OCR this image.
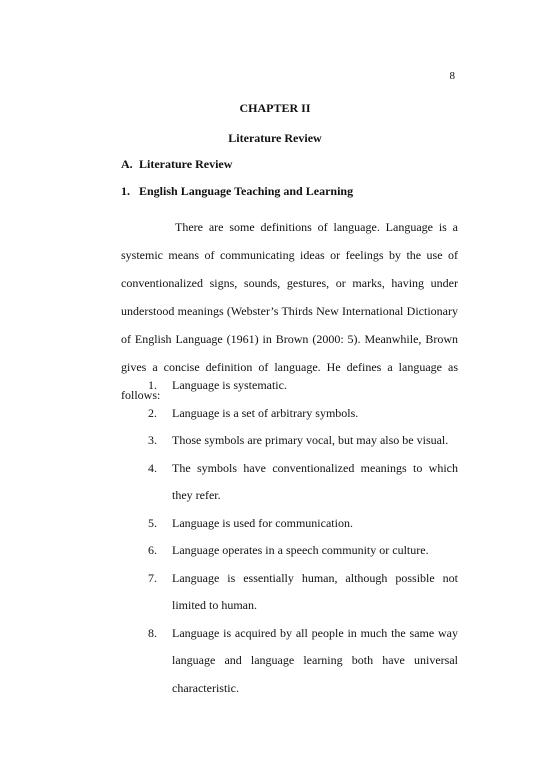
8
CHAPTER II
Literature Review
A. Literature Review
1. English Language Teaching and Learning

There are some definitions of language. Language is a systemic means of communicating ideas or feelings by the use of conventionalized signs, sounds, gestures, or marks, having under understood meanings (Webster’s Thirds New International Dictionary of English Language (1961) in Brown (2000: 5). Meanwhile, Brown gives a concise definition of language. He defines a language as follows:

1.	Language is systematic.
2.	Language is a set of arbitrary symbols.
3.	Those symbols are primary vocal, but may also be visual.
4.	The symbols have conventionalized meanings to which they refer.
5.	Language is used for communication.
6.	Language operates in a speech community or culture.
7.	Language is essentially human, although possible not limited to human.
8.	Language is acquired by all people in much the same way language and language learning both have universal characteristic.
